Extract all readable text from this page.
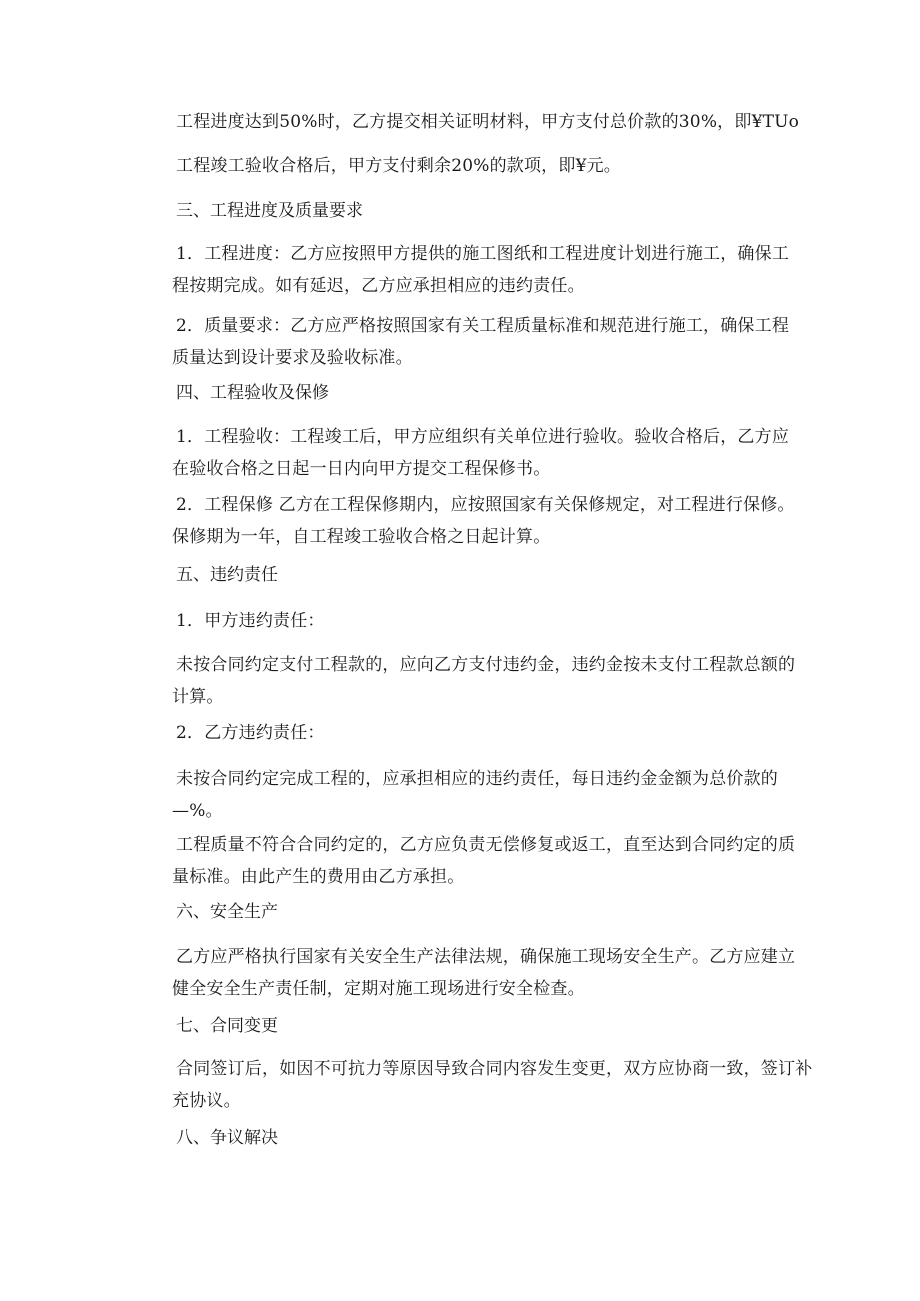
工程进度达到50%时，乙方提交相关证明材料，甲方支付总价款的30%，即¥TUo
工程竣工验收合格后，甲方支付剩余20%的款项，即¥元。
三、工程进度及质量要求
1．工程进度：乙方应按照甲方提供的施工图纸和工程进度计划进行施工，确保工
程按期完成。如有延迟，乙方应承担相应的违约责任。
2．质量要求：乙方应严格按照国家有关工程质量标准和规范进行施工，确保工程
质量达到设计要求及验收标准。
四、工程验收及保修
1．工程验收：工程竣工后，甲方应组织有关单位进行验收。验收合格后，乙方应
在验收合格之日起一日内向甲方提交工程保修书。
2．工程保修 乙方在工程保修期内，应按照国家有关保修规定，对工程进行保修。
保修期为一年，自工程竣工验收合格之日起计算。
五、违约责任
1．甲方违约责任：
未按合同约定支付工程款的，应向乙方支付违约金，违约金按未支付工程款总额的
计算。
2．乙方违约责任：
未按合同约定完成工程的，应承担相应的违约责任，每日违约金金额为总价款的
—%。
工程质量不符合合同约定的，乙方应负责无偿修复或返工，直至达到合同约定的质
量标准。由此产生的费用由乙方承担。
六、安全生产
乙方应严格执行国家有关安全生产法律法规，确保施工现场安全生产。乙方应建立
健全安全生产责任制，定期对施工现场进行安全检查。
七、合同变更
合同签订后，如因不可抗力等原因导致合同内容发生变更，双方应协商一致，签订补
充协议。
八、争议解决
